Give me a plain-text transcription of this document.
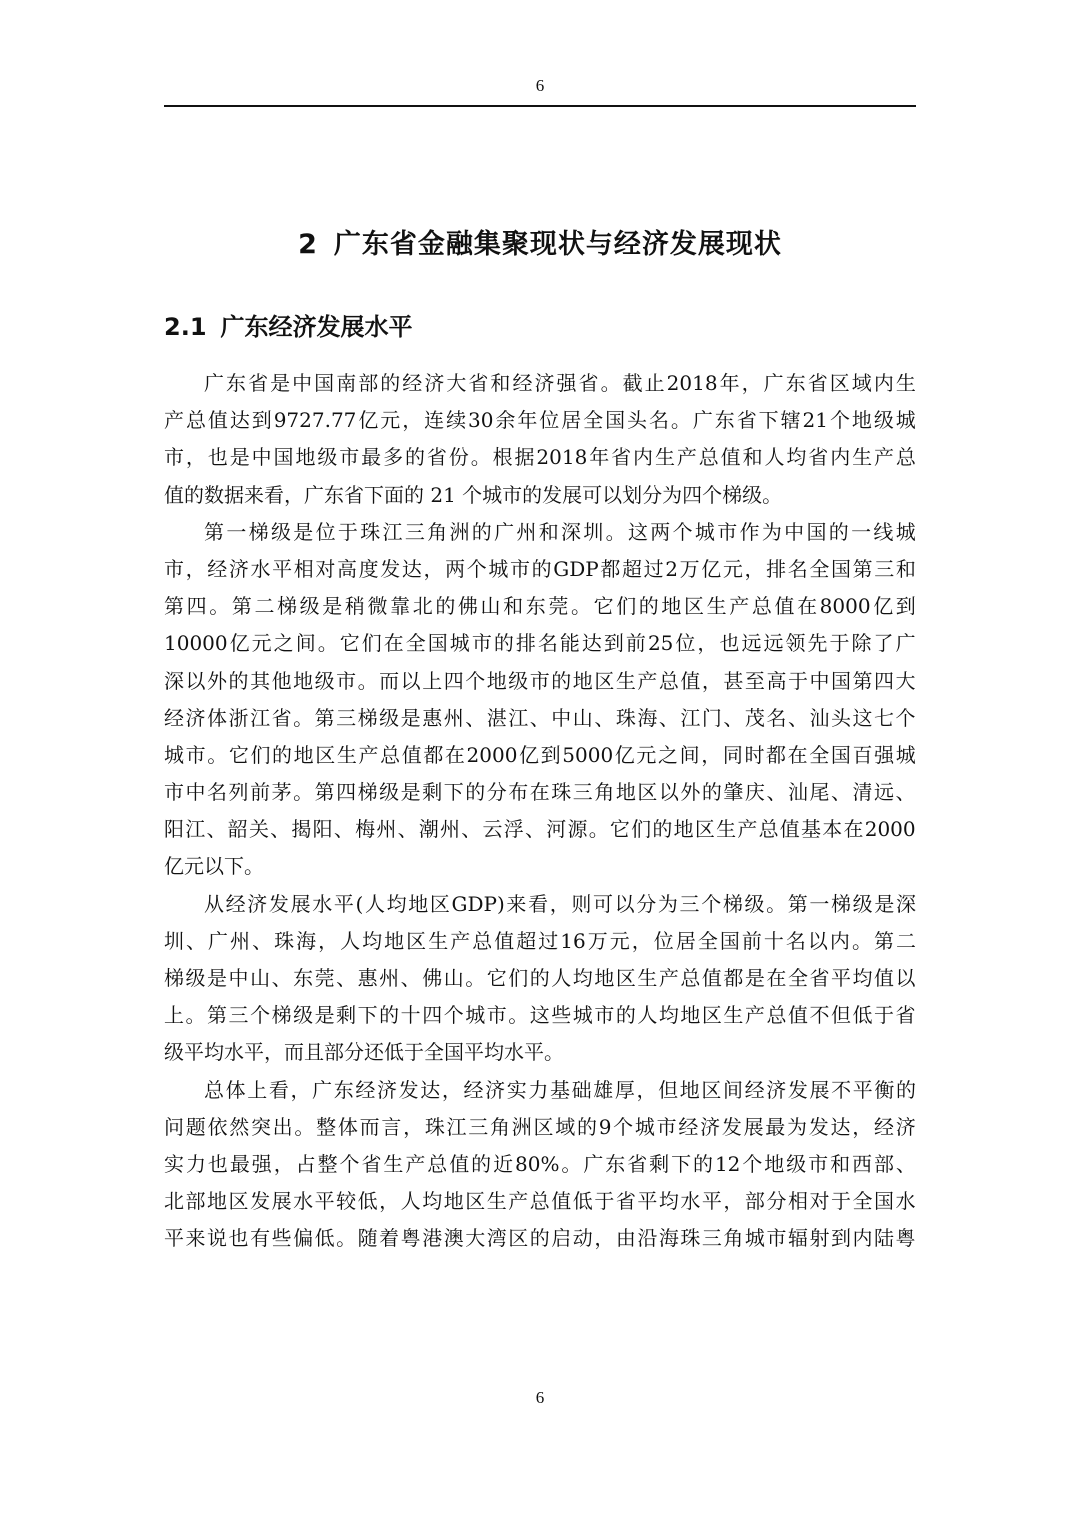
6
2 广东省金融集聚现状与经济发展现状
2.1 广东经济发展水平
广 东 省 是 中 国 南 部 的 经 济 大 省 和 经 济 强 省 。 截 止 2018 年 ， 广 东 省 区 域 内 生
产 总 值 达 到 9727.77 亿 元 ， 连 续 30 余 年 位 居 全 国 头 名 。 广 东 省 下 辖 21 个 地 级 城
市 ， 也 是 中 国 地 级 市 最 多 的 省 份 。 根 据 2018 年 省 内 生 产 总 值 和 人 均 省 内 生 产 总
值的数据来看，广东省下面的 21 个城市的发展可以划分为四个梯级。
第 一 梯 级 是 位 于 珠 江 三 角 洲 的 广 州 和 深 圳 。 这 两 个 城 市 作 为 中 国 的 一 线 城
市 ， 经 济 水 平 相 对 高 度 发 达 ， 两 个 城 市 的 GDP 都 超 过 2 万 亿 元 ， 排 名 全 国 第 三 和
第 四 。 第 二 梯 级 是 稍 微 靠 北 的 佛 山 和 东 莞 。 它 们 的 地 区 生 产 总 值 在 8000 亿 到
10000 亿 元 之 间 。 它 们 在 全 国 城 市 的 排 名 能 达 到 前 25 位 ， 也 远 远 领 先 于 除 了 广
深 以 外 的 其 他 地 级 市 。 而 以 上 四 个 地 级 市 的 地 区 生 产 总 值 ， 甚 至 高 于 中 国 第 四 大
经 济 体 浙 江 省 。 第 三 梯 级 是 惠 州 、 湛 江 、 中 山 、 珠 海 、 江 门 、 茂 名 、 汕 头 这 七 个
城 市 。 它 们 的 地 区 生 产 总 值 都 在 2000 亿 到 5000 亿 元 之 间 ， 同 时 都 在 全 国 百 强 城
市 中 名 列 前 茅 。 第 四 梯 级 是 剩 下 的 分 布 在 珠 三 角 地 区 以 外 的 肇 庆 、 汕 尾 、 清 远 、
阳 江 、 韶 关 、 揭 阳 、 梅 州 、 潮 州 、 云 浮 、 河 源 。 它 们 的 地 区 生 产 总 值 基 本 在 2000
亿元以下。
从 经 济 发 展 水 平 ( 人 均 地 区 GDP) 来 看 ， 则 可 以 分 为 三 个 梯 级 。 第 一 梯 级 是 深
圳 、 广 州 、 珠 海 ， 人 均 地 区 生 产 总 值 超 过 16 万 元 ， 位 居 全 国 前 十 名 以 内 。 第 二
梯 级 是 中 山 、 东 莞 、 惠 州 、 佛 山 。 它 们 的 人 均 地 区 生 产 总 值 都 是 在 全 省 平 均 值 以
上 。 第 三 个 梯 级 是 剩 下 的 十 四 个 城 市 。 这 些 城 市 的 人 均 地 区 生 产 总 值 不 但 低 于 省
级平均水平，而且部分还低于全国平均水平。
总 体 上 看 ， 广 东 经 济 发 达 ， 经 济 实 力 基 础 雄 厚 ， 但 地 区 间 经 济 发 展 不 平 衡 的
问 题 依 然 突 出 。 整 体 而 言 ， 珠 江 三 角 洲 区 域 的 9 个 城 市 经 济 发 展 最 为 发 达 ， 经 济
实 力 也 最 强 ， 占 整 个 省 生 产 总 值 的 近 80% 。 广 东 省 剩 下 的 12 个 地 级 市 和 西 部 、
北 部 地 区 发 展 水 平 较 低 ， 人 均 地 区 生 产 总 值 低 于 省 平 均 水 平 ， 部 分 相 对 于 全 国 水
平 来 说 也 有 些 偏 低 。 随 着 粤 港 澳 大 湾 区 的 启 动 ， 由 沿 海 珠 三 角 城 市 辐 射 到 内 陆 粤
6
